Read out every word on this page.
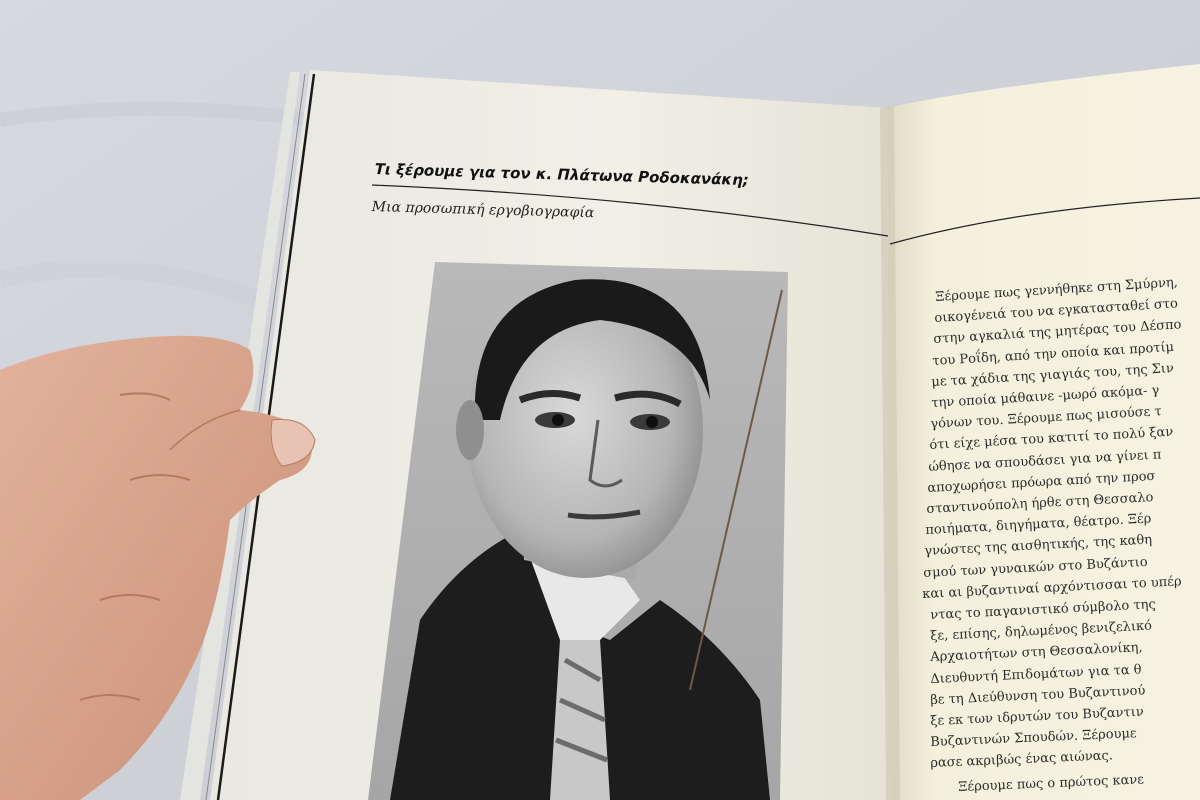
Τι ξέρουμε για τον κ. Πλάτωνα Ροδοκανάκη;
Μια προσωπική εργοβιογραφία
Ξέρουμε πως γεννήθηκε στη Σμύρνη,
οικογένειά του να εγκατασταθεί στο
στην αγκαλιά της μητέρας του Δέσπο
του Ροΐδη, από την οποία και προτίμ
με τα χάδια της γιαγιάς του, της Σιν
την οποία μάθαινε -μωρό ακόμα- γ
γόνων του. Ξέρουμε πως μισούσε τ
ότι είχε μέσα του κατιτί το πολύ ξαν
ώθησε να σπουδάσει για να γίνει π
αποχωρήσει πρόωρα από την προσ
σταντινούπολη ήρθε στη Θεσσαλο
ποιήματα, διηγήματα, θέατρο. Ξέρ
γνώστες της αισθητικής, της καθη
σμού των γυναικών στο Βυζάντιο
και αι βυζαντιναί αρχόντισσαι το υπέρ
ντας το παγανιστικό σύμβολο της
ξε, επίσης, δηλωμένος βενιζελικό
Αρχαιοτήτων στη Θεσσαλονίκη,
Διευθυντή Επιδομάτων για τα θ
βε τη Διεύθυνση του Βυζαντινού
ξε εκ των ιδρυτών του Βυζαντιν
Βυζαντινών Σπουδών. Ξέρουμε
ρασε ακριβώς ένας αιώνας.
Ξέρουμε πως ο πρώτος κανε
